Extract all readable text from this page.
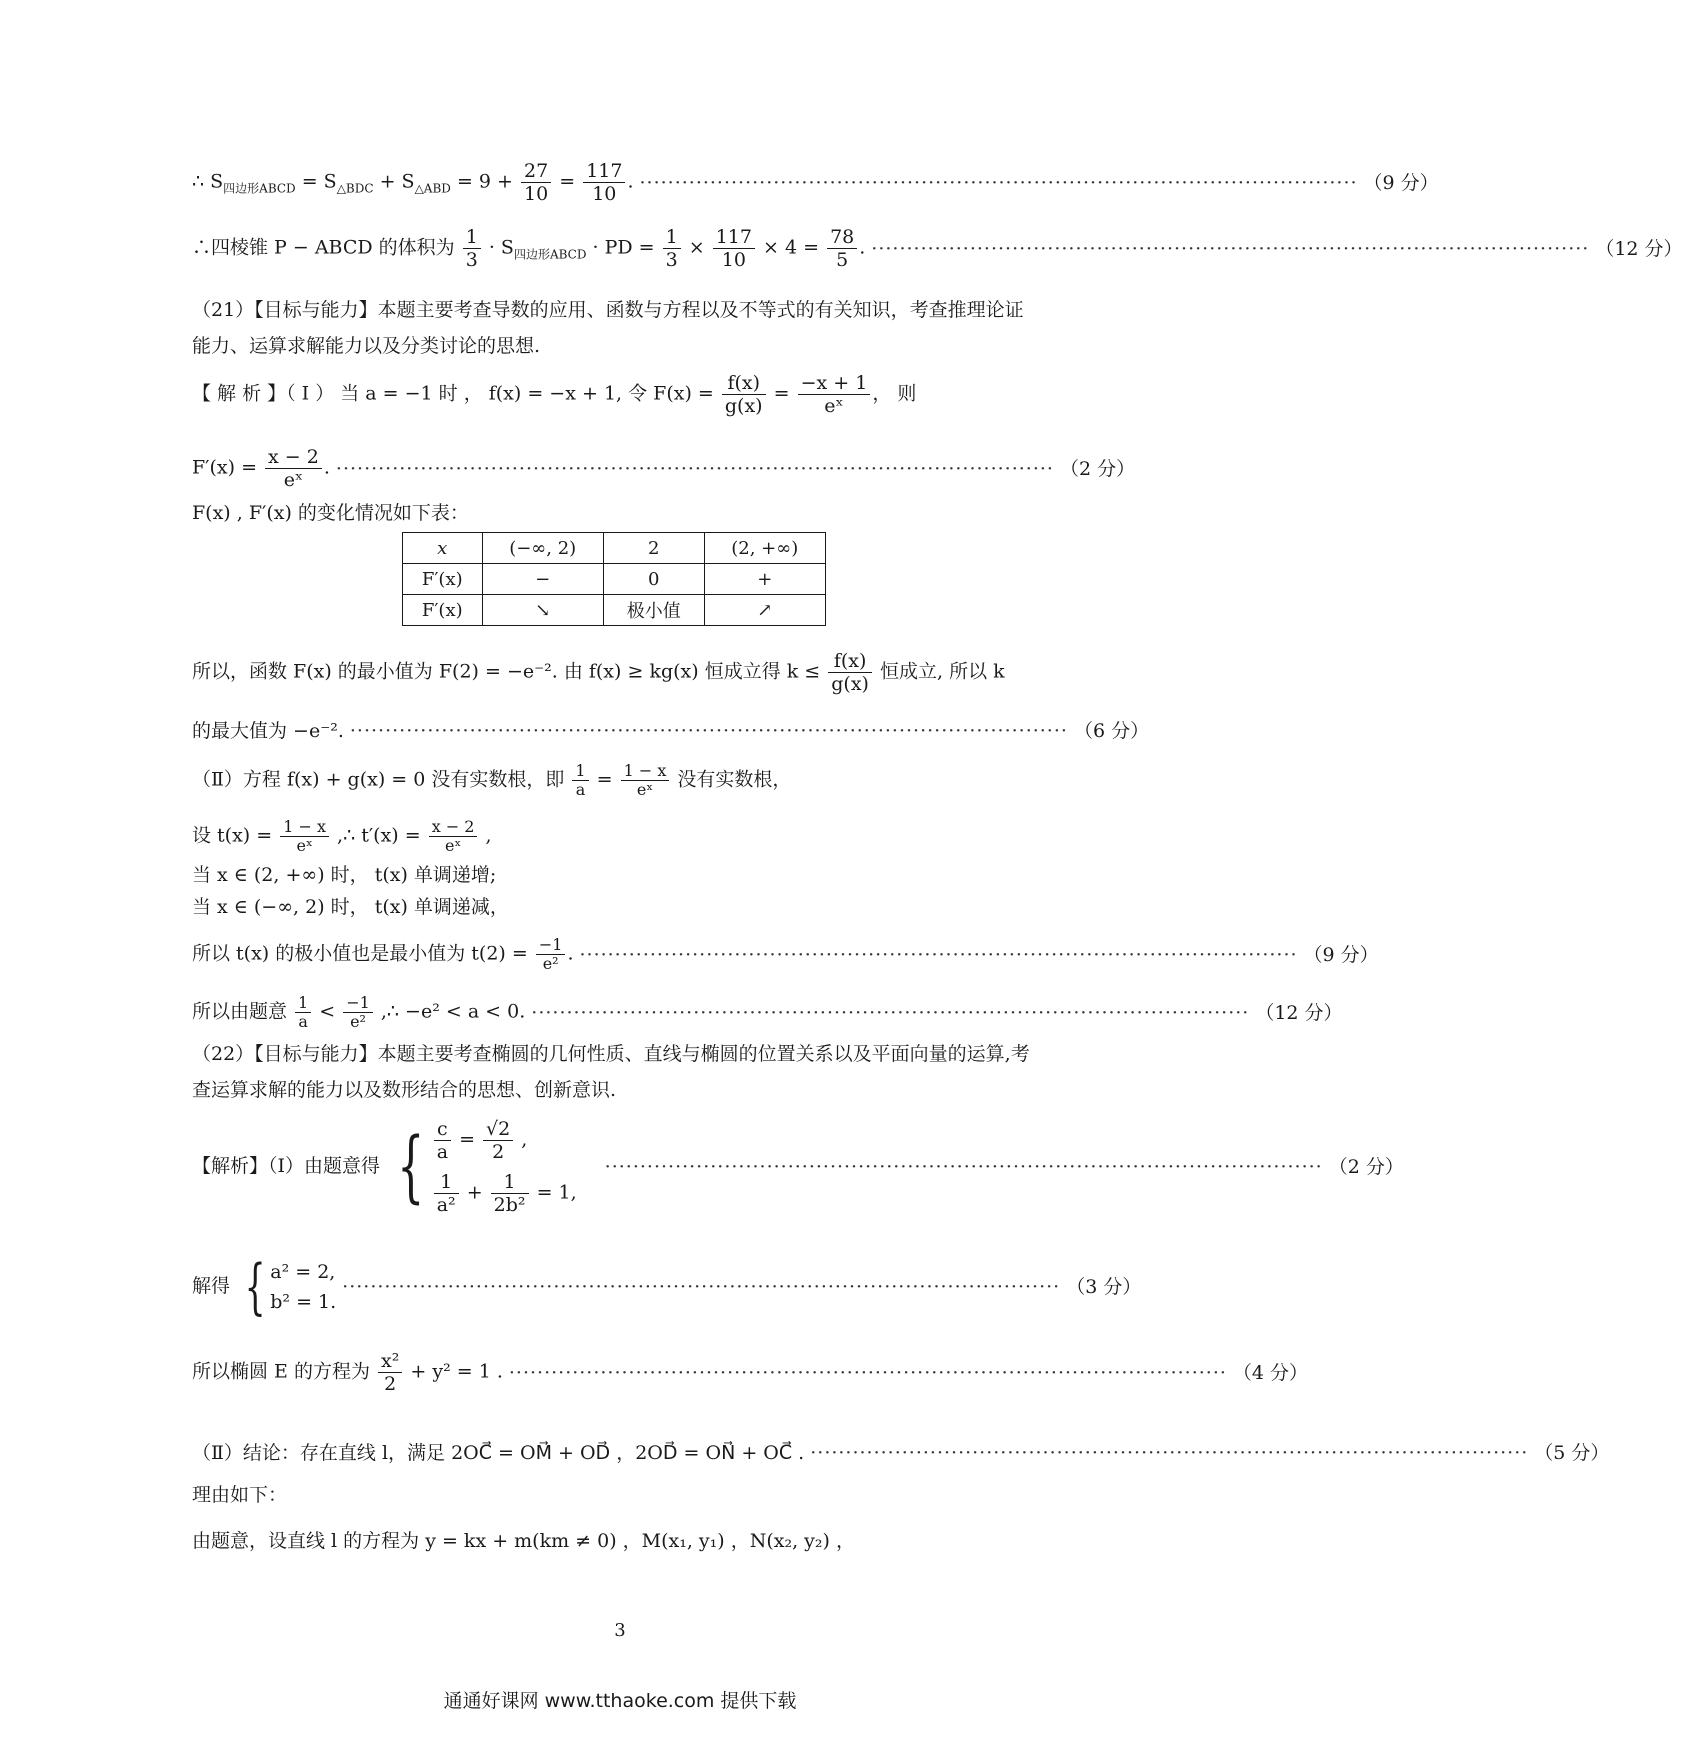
∴ $S_{四边形ABCD} = S_{\triangle BDC} + S_{\triangle ABD} = 9 + \frac{27}{10} = \frac{117}{10}$ . ······································································································ （9 分）
∴四棱锥 P − ABCD 的体积为 $\frac{1}{3} \cdot S_{四边形ABCD}$ · PD = $\frac{1}{3} \times \frac{117}{10} \times 4 = \frac{78}{5}$ . ······································································································ （12 分）
（21）【目标与能力】本题主要考查导数的应用、函数与方程以及不等式的有关知识，考查推理论证能力、运算求解能力以及分类讨论的思想.
【 解 析 】（ Ⅰ ） 当 a = −1 时 ， f(x) = −x + 1, 令 $F(x) = \frac{f(x)}{g(x)} = \frac{-x + 1}{\text{eˣ}}$ ， 则
$F'(x) = \frac{x - 2}{\text{eˣ}}$ . ······································································································ （2 分）
F(x) , F′(x) 的变化情况如下表：
x	(−∞, 2)	2	(2, +∞)
F′(x)	−	0	+
F′(x)	↘	极小值	↗
所以，函数 F(x) 的最小值为 F(2) = −e⁻². 由 f(x) ≥ kg(x) 恒成立得 $k \le \frac{f(x)}{g(x)}$ 恒成立, 所以 k
的最大值为 −e⁻². ······································································································ （6 分）
（Ⅱ）方程 f(x) + g(x) = 0 没有实数根，即 $\frac{1}{a} = \frac{1 - x}{\text{eˣ}}$ 没有实数根，
设 $t(x) = \frac{1 - x}{\text{eˣ}}$ ,∴ $t'(x) = \frac{x - 2}{\text{eˣ}}$ ,
当 x ∈ (2, +∞) 时， t(x) 单调递增;
当 x ∈ (−∞, 2) 时， t(x) 单调递减，
所以 t(x) 的极小值也是最小值为 $t(2) = \frac{-1}{\text{e²}}$ . ······································································································ （9 分）
所以由题意 $\frac{1}{a} < \frac{-1}{\text{e²}}$ ,∴ −e² < a < 0. ······································································································ （12 分）
（22）【目标与能力】本题主要考查椭圆的几何性质、直线与椭圆的位置关系以及平面向量的运算,考查运算求解的能力以及数形结合的思想、创新意识.
【解析】（Ⅰ）由题意得 { $\frac{c}{a} = \frac{√2}{2}$ ,
$\frac{1}{\text{a²}} + \frac{1}{\text{2b²}} = 1$,
······································································································ （2 分）
解得 { a² = 2,
b² = 1.
······································································································ （3 分）
所以椭圆 E 的方程为 $\frac{\text{x²}}{2} + y^2 = 1$ . ······································································································ （4 分）
（Ⅱ）结论：存在直线 l，满足 2OC⃗ = OM⃗ + OD⃗ ，2OD⃗ = ON⃗ + OC⃗ . ······································································································ （5 分）
理由如下：
由题意，设直线 l 的方程为 y = kx + m(km ≠ 0) ，M(x₁, y₁) ，N(x₂, y₂) ，
3
通通好课网 www.tthaoke.com 提供下载
